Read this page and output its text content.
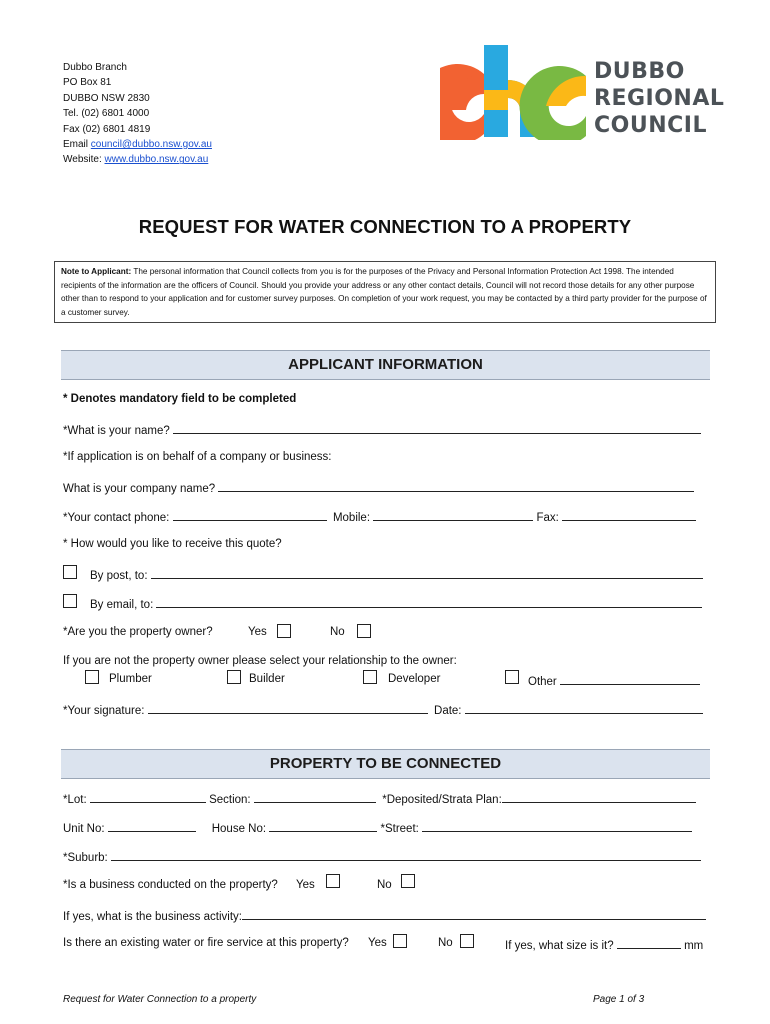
Dubbo Branch
PO Box 81
DUBBO NSW 2830
Tel. (02) 6801 4000
Fax (02) 6801 4819
Email council@dubbo.nsw.gov.au
Website: www.dubbo.nsw.gov.au
DUBBO
REGIONAL
COUNCIL
REQUEST FOR WATER CONNECTION TO A PROPERTY
Note to Applicant: The personal information that Council collects from you is for the purposes of the Privacy and Personal Information Protection Act 1998. The intended recipients of the information are the officers of Council. Should you provide your address or any other contact details, Council will not record those details for any other purpose other than to respond to your application and for customer survey purposes. On completion of your work request, you may be contacted by a third party provider for the purpose of a customer survey.
APPLICANT INFORMATION
* Denotes mandatory field to be completed
*What is your name?
*If application is on behalf of a company or business:
What is your company name?
*Your contact phone:	Mobile:	Fax:
* How would you like to receive this quote?
By post, to:
By email, to:
*Are you the property owner?	Yes	No
If you are not the property owner please select your relationship to the owner:
Plumber	Builder	Developer	Other
*Your signature:	Date:
PROPERTY TO BE CONNECTED
*Lot:	Section:	*Deposited/Strata Plan:
Unit No:	House No:	*Street:
*Suburb:
*Is a business conducted on the property? Yes	No
If yes, what is the business activity:
Is there an existing water or fire service at this property? Yes	No	If yes, what size is it?	mm
Request for Water Connection to a property	Page 1 of 3
